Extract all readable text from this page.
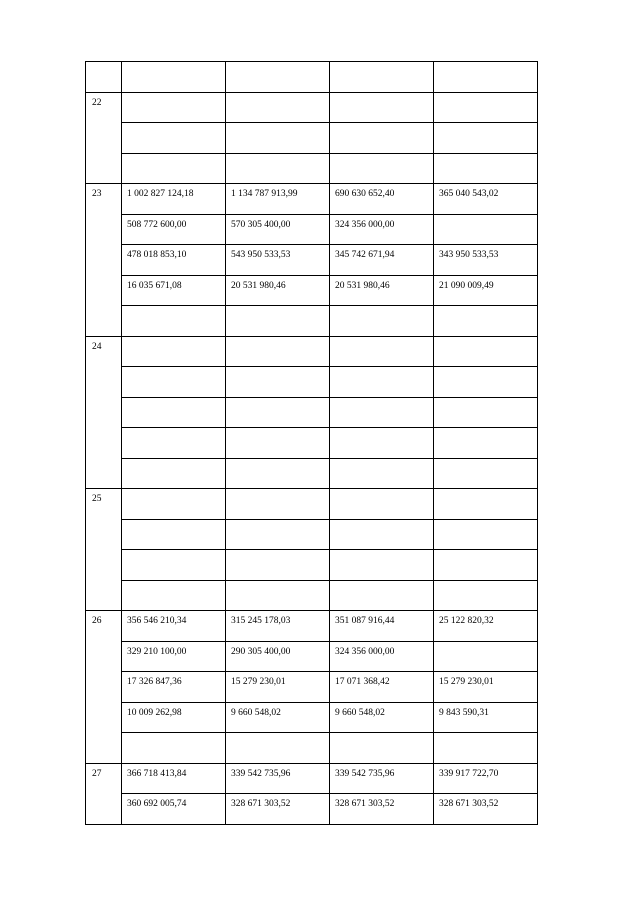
22				

23	1 002 827 124,18	1 134 787 913,99	690 630 652,40	365 040 543,02
	508 772 600,00	570 305 400,00	324 356 000,00	
	478 018 853,10	543 950 533,53	345 742 671,94	343 950 533,53
	16 035 671,08	20 531 980,46	20 531 980,46	21 090 009,49

24				

25				

26	356 546 210,34	315 245 178,03	351 087 916,44	25 122 820,32
	329 210 100,00	290 305 400,00	324 356 000,00	
	17 326 847,36	15 279 230,01	17 071 368,42	15 279 230,01
	10 009 262,98	9 660 548,02	9 660 548,02	9 843 590,31

27	366 718 413,84	339 542 735,96	339 542 735,96	339 917 722,70
	360 692 005,74	328 671 303,52	328 671 303,52	328 671 303,52
